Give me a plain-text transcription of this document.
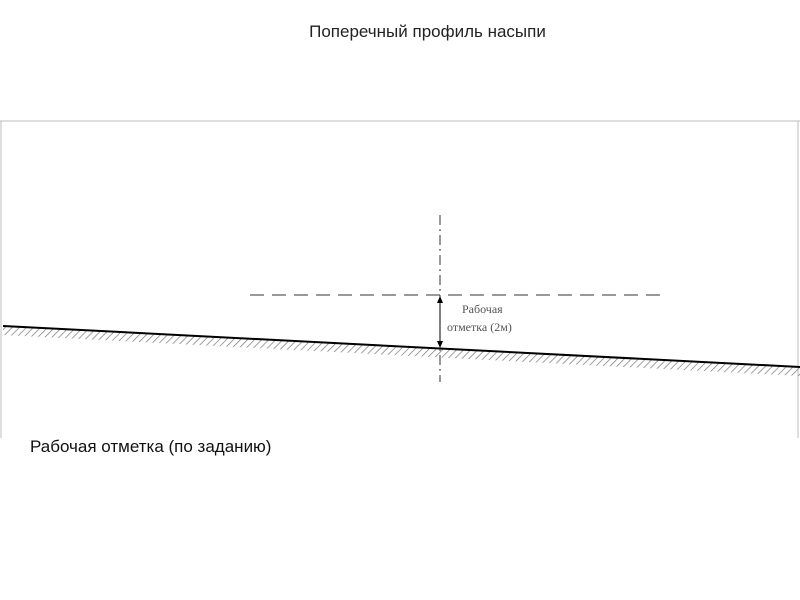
Поперечный профиль насыпи
Рабочая
отметка (2м)
Рабочая отметка (по заданию)
